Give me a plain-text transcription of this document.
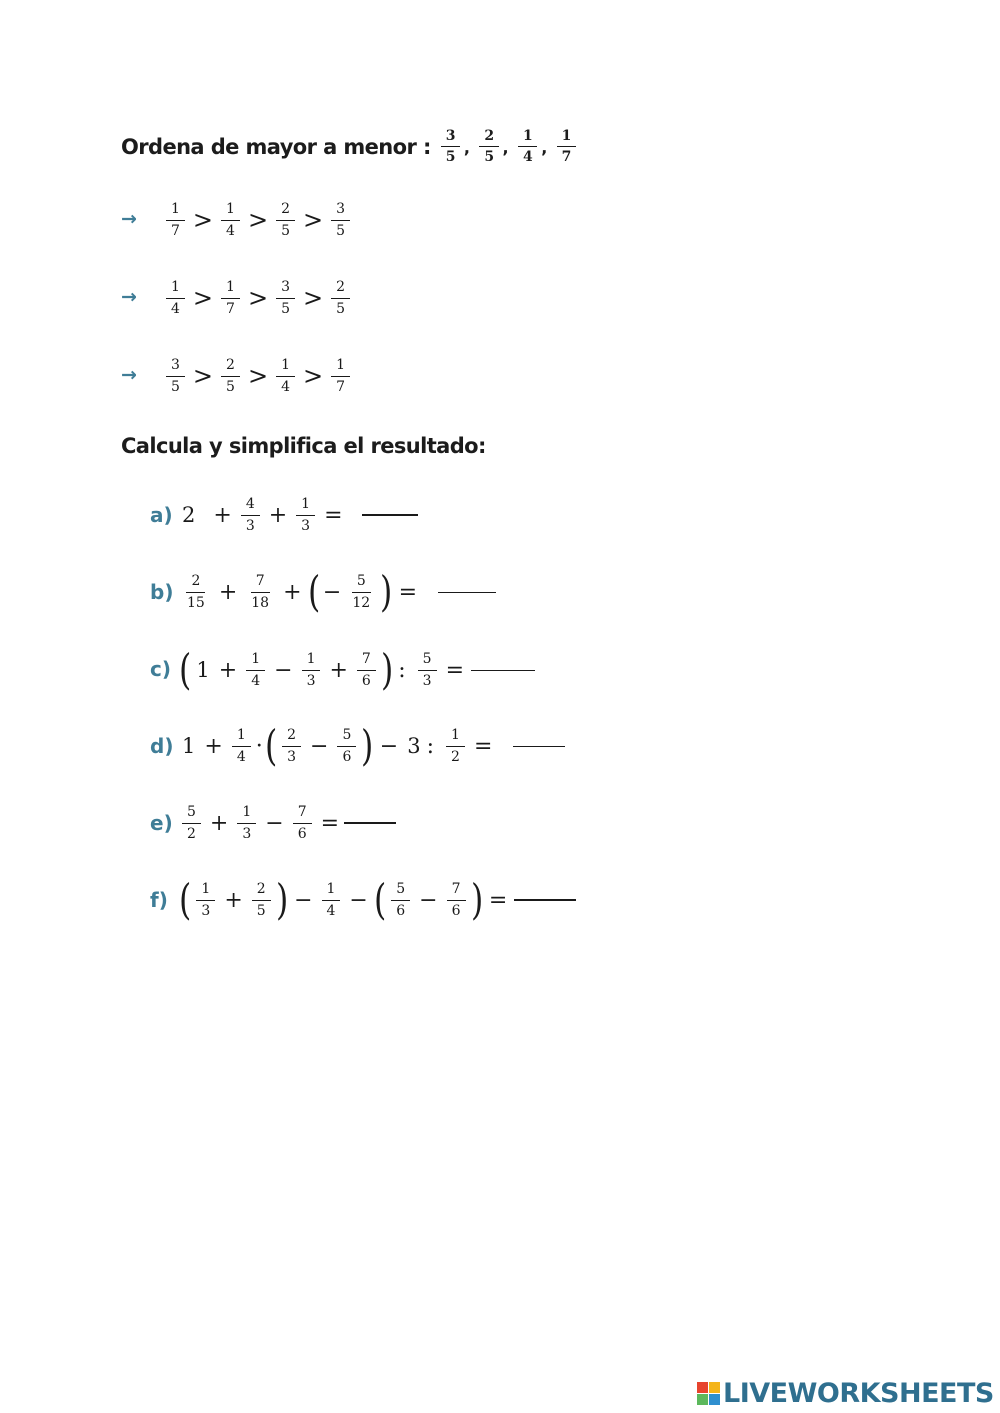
Ordena de mayor a menor : $\frac{3}{5}$ , $\frac{2}{5}$ , $\frac{1}{4}$ , $\frac{1}{7}$
→ $\frac{1}{7} > \frac{1}{4} > \frac{2}{5} > \frac{3}{5}$
→ $\frac{1}{4} > \frac{1}{7} > \frac{3}{5} > \frac{2}{5}$
→ $\frac{3}{5} > \frac{2}{5} > \frac{1}{4} > \frac{1}{7}$
Calcula y simplifica el resultado:
a) $2 + \frac{4}{3} + \frac{1}{3}$ =
$b) \frac{2}{15} + \frac{7}{18}$ + ( − $\frac{5}{12}$ ) =
c) ( $1 + \frac{1}{4} - \frac{1}{3} + \frac{7}{6}$ ) : $\frac{5}{3}$ =
d) $1 + \frac{1}{4}$ · ( $\frac{2}{3} - \frac{5}{6}$ ) − 3 : $\frac{1}{2}$ =
$e) \frac{5}{2} + \frac{1}{3} - \frac{7}{6}$ =
f) ( $\frac{1}{3} + \frac{2}{5}$ ) − $\frac{1}{4}$ − ( $\frac{5}{6} - \frac{7}{6}$ ) =
LIVEWORKSHEETS
